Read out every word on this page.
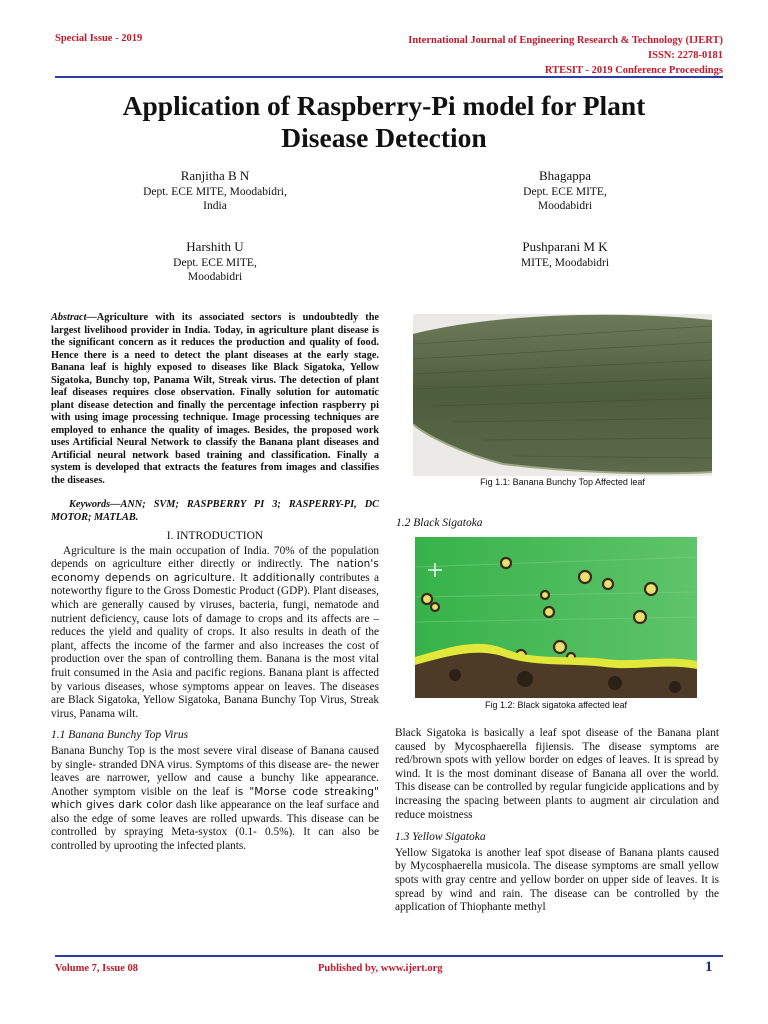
Special Issue - 2019	International Journal of Engineering Research & Technology (IJERT)
ISSN: 2278-0181
RTESIT - 2019 Conference Proceedings
Application of Raspberry-Pi model for Plant
Disease Detection
Ranjitha B N
Dept. ECE MITE, Moodabidri,
India
Bhagappa
Dept. ECE MITE,
Moodabidri
Harshith U
Dept. ECE MITE,
Moodabidri
Pushparani M K
MITE, Moodabidri

Abstract—Agriculture with its associated sectors is undoubtedly the largest livelihood provider in India. Today, in agriculture plant disease is the significant concern as it reduces the production and quality of food. Hence there is a need to detect the plant diseases at the early stage. Banana leaf is highly exposed to diseases like Black Sigatoka, Yellow Sigatoka, Bunchy top, Panama Wilt, Streak virus. The detection of plant leaf diseases requires close observation. Finally solution for automatic plant disease detection and finally the percentage infection raspberry pi with using image processing technique. Image processing techniques are employed to enhance the quality of images. Besides, the proposed work uses Artificial Neural Network to classify the Banana plant diseases and Artificial neural network based training and classification. Finally a system is developed that extracts the features from images and classifies the diseases.

Keywords—ANN; SVM; RASPBERRY PI 3; RASPERRY-PI, DC MOTOR; MATLAB.

I. INTRODUCTION

Agriculture is the main occupation of India. 70% of the population depends on agriculture either directly or indirectly. The nation's economy depends on agriculture. It additionally contributes a noteworthy figure to the Gross Domestic Product (GDP). Plant diseases, which are generally caused by viruses, bacteria, fungi, nematode and nutrient deficiency, cause lots of damage to crops and its affects are – reduces the yield and quality of crops. It also results in death of the plant, affects the income of the farmer and also increases the cost of production over the span of controlling them. Banana is the most vital fruit consumed in the Asia and pacific regions. Banana plant is affected by various diseases, whose symptoms appear on leaves. The diseases are Black Sigatoka, Yellow Sigatoka, Banana Bunchy Top Virus, Streak virus, Panama wilt.

1.1 Banana Bunchy Top Virus

Banana Bunchy Top is the most severe viral disease of Banana caused by single- stranded DNA virus. Symptoms of this disease are- the newer leaves are narrower, yellow and cause a bunchy like appearance. Another symptom visible on the leaf is "Morse code streaking" which gives dark color dash like appearance on the leaf surface and also the edge of some leaves are rolled upwards. This disease can be controlled by spraying Meta-systox (0.1- 0.5%). It can also be controlled by uprooting the infected plants.

Fig 1.1: Banana Bunchy Top Affected leaf
1.2 Black Sigatoka
Fig 1.2: Black sigatoka affected leaf

Black Sigatoka is basically a leaf spot disease of the Banana plant caused by Mycosphaerella fijiensis. The disease symptoms are red/brown spots with yellow border on edges of leaves. It is spread by wind. It is the most dominant disease of Banana all over the world. This disease can be controlled by regular fungicide applications and by increasing the spacing between plants to augment air circulation and reduce moistness

1.3 Yellow Sigatoka

Yellow Sigatoka is another leaf spot disease of Banana plants caused by Mycosphaerella musicola. The disease symptoms are small yellow spots with gray centre and yellow border on upper side of leaves. It is spread by wind and rain. The disease can be controlled by the application of Thiophante methyl

Volume 7, Issue 08	Published by, www.ijert.org	1
